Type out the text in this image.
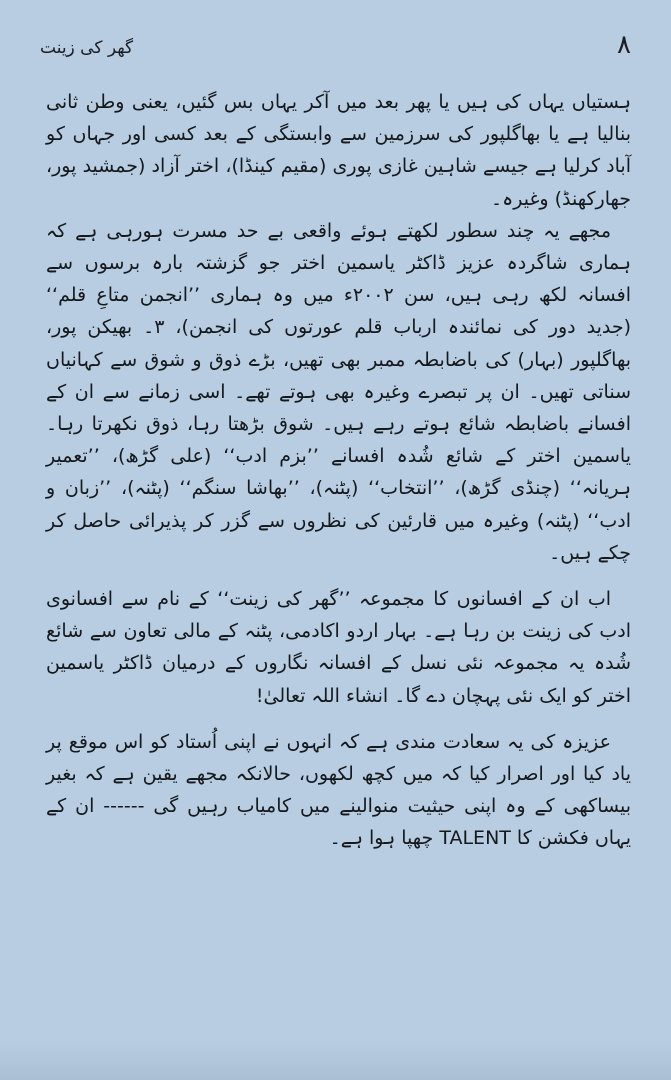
۸
گھر کی زینت

ہستیاں یہاں کی ہیں یا پھر بعد میں آکر یہاں بس گئیں، یعنی وطن ثانی بنالیا ہے یا بھاگلپور کی سرزمین سے وابستگی کے بعد کسی اور جہاں کو آباد کرلیا ہے جیسے شاہین غازی پوری (مقیم کینڈا)، اختر آزاد (جمشید پور، جھارکھنڈ) وغیرہ۔

مجھے یہ چند سطور لکھتے ہوئے واقعی بے حد مسرت ہورہی ہے کہ ہماری شاگردہ عزیز ڈاکٹر یاسمین اختر جو گزشتہ بارہ برسوں سے افسانہ لکھ رہی ہیں، سن ۲۰۰۲ء میں وہ ہماری ’’انجمن متاعِ قلم‘‘ (جدید دور کی نمائندہ ارباب قلم عورتوں کی انجمن)، ۳۔ بھیکن پور، بھاگلپور (بہار) کی باضابطہ ممبر بھی تھیں، بڑے ذوق و شوق سے کہانیاں سناتی تھیں۔ ان پر تبصرے وغیرہ بھی ہوتے تھے۔ اسی زمانے سے ان کے افسانے باضابطہ شائع ہوتے رہے ہیں۔ شوق بڑھتا رہا، ذوق نکھرتا رہا۔ یاسمین اختر کے شائع شُدہ افسانے ’’بزم ادب‘‘ (علی گڑھ)، ’’تعمیر ہریانہ‘‘ (چنڈی گڑھ)، ’’انتخاب‘‘ (پٹنہ)، ’’بھاشا سنگم‘‘ (پٹنہ)، ’’زبان و ادب‘‘ (پٹنہ) وغیرہ میں قارئین کی نظروں سے گزر کر پذیرائی حاصل کر چکے ہیں۔

اب ان کے افسانوں کا مجموعہ ’’گھر کی زینت‘‘ کے نام سے افسانوی ادب کی زینت بن رہا ہے۔ بہار اردو اکادمی، پٹنہ کے مالی تعاون سے شائع شُدہ یہ مجموعہ نئی نسل کے افسانہ نگاروں کے درمیان ڈاکٹر یاسمین اختر کو ایک نئی پہچان دے گا۔ انشاء اللہ تعالیٰ!

عزیزہ کی یہ سعادت مندی ہے کہ انہوں نے اپنی اُستاد کو اس موقع پر یاد کیا اور اصرار کیا کہ میں کچھ لکھوں، حالانکہ مجھے یقین ہے کہ بغیر بیساکھی کے وہ اپنی حیثیت منوالینے میں کامیاب رہیں گی ------ ان کے یہاں فکشن کا TALENT چھپا ہوا ہے۔
